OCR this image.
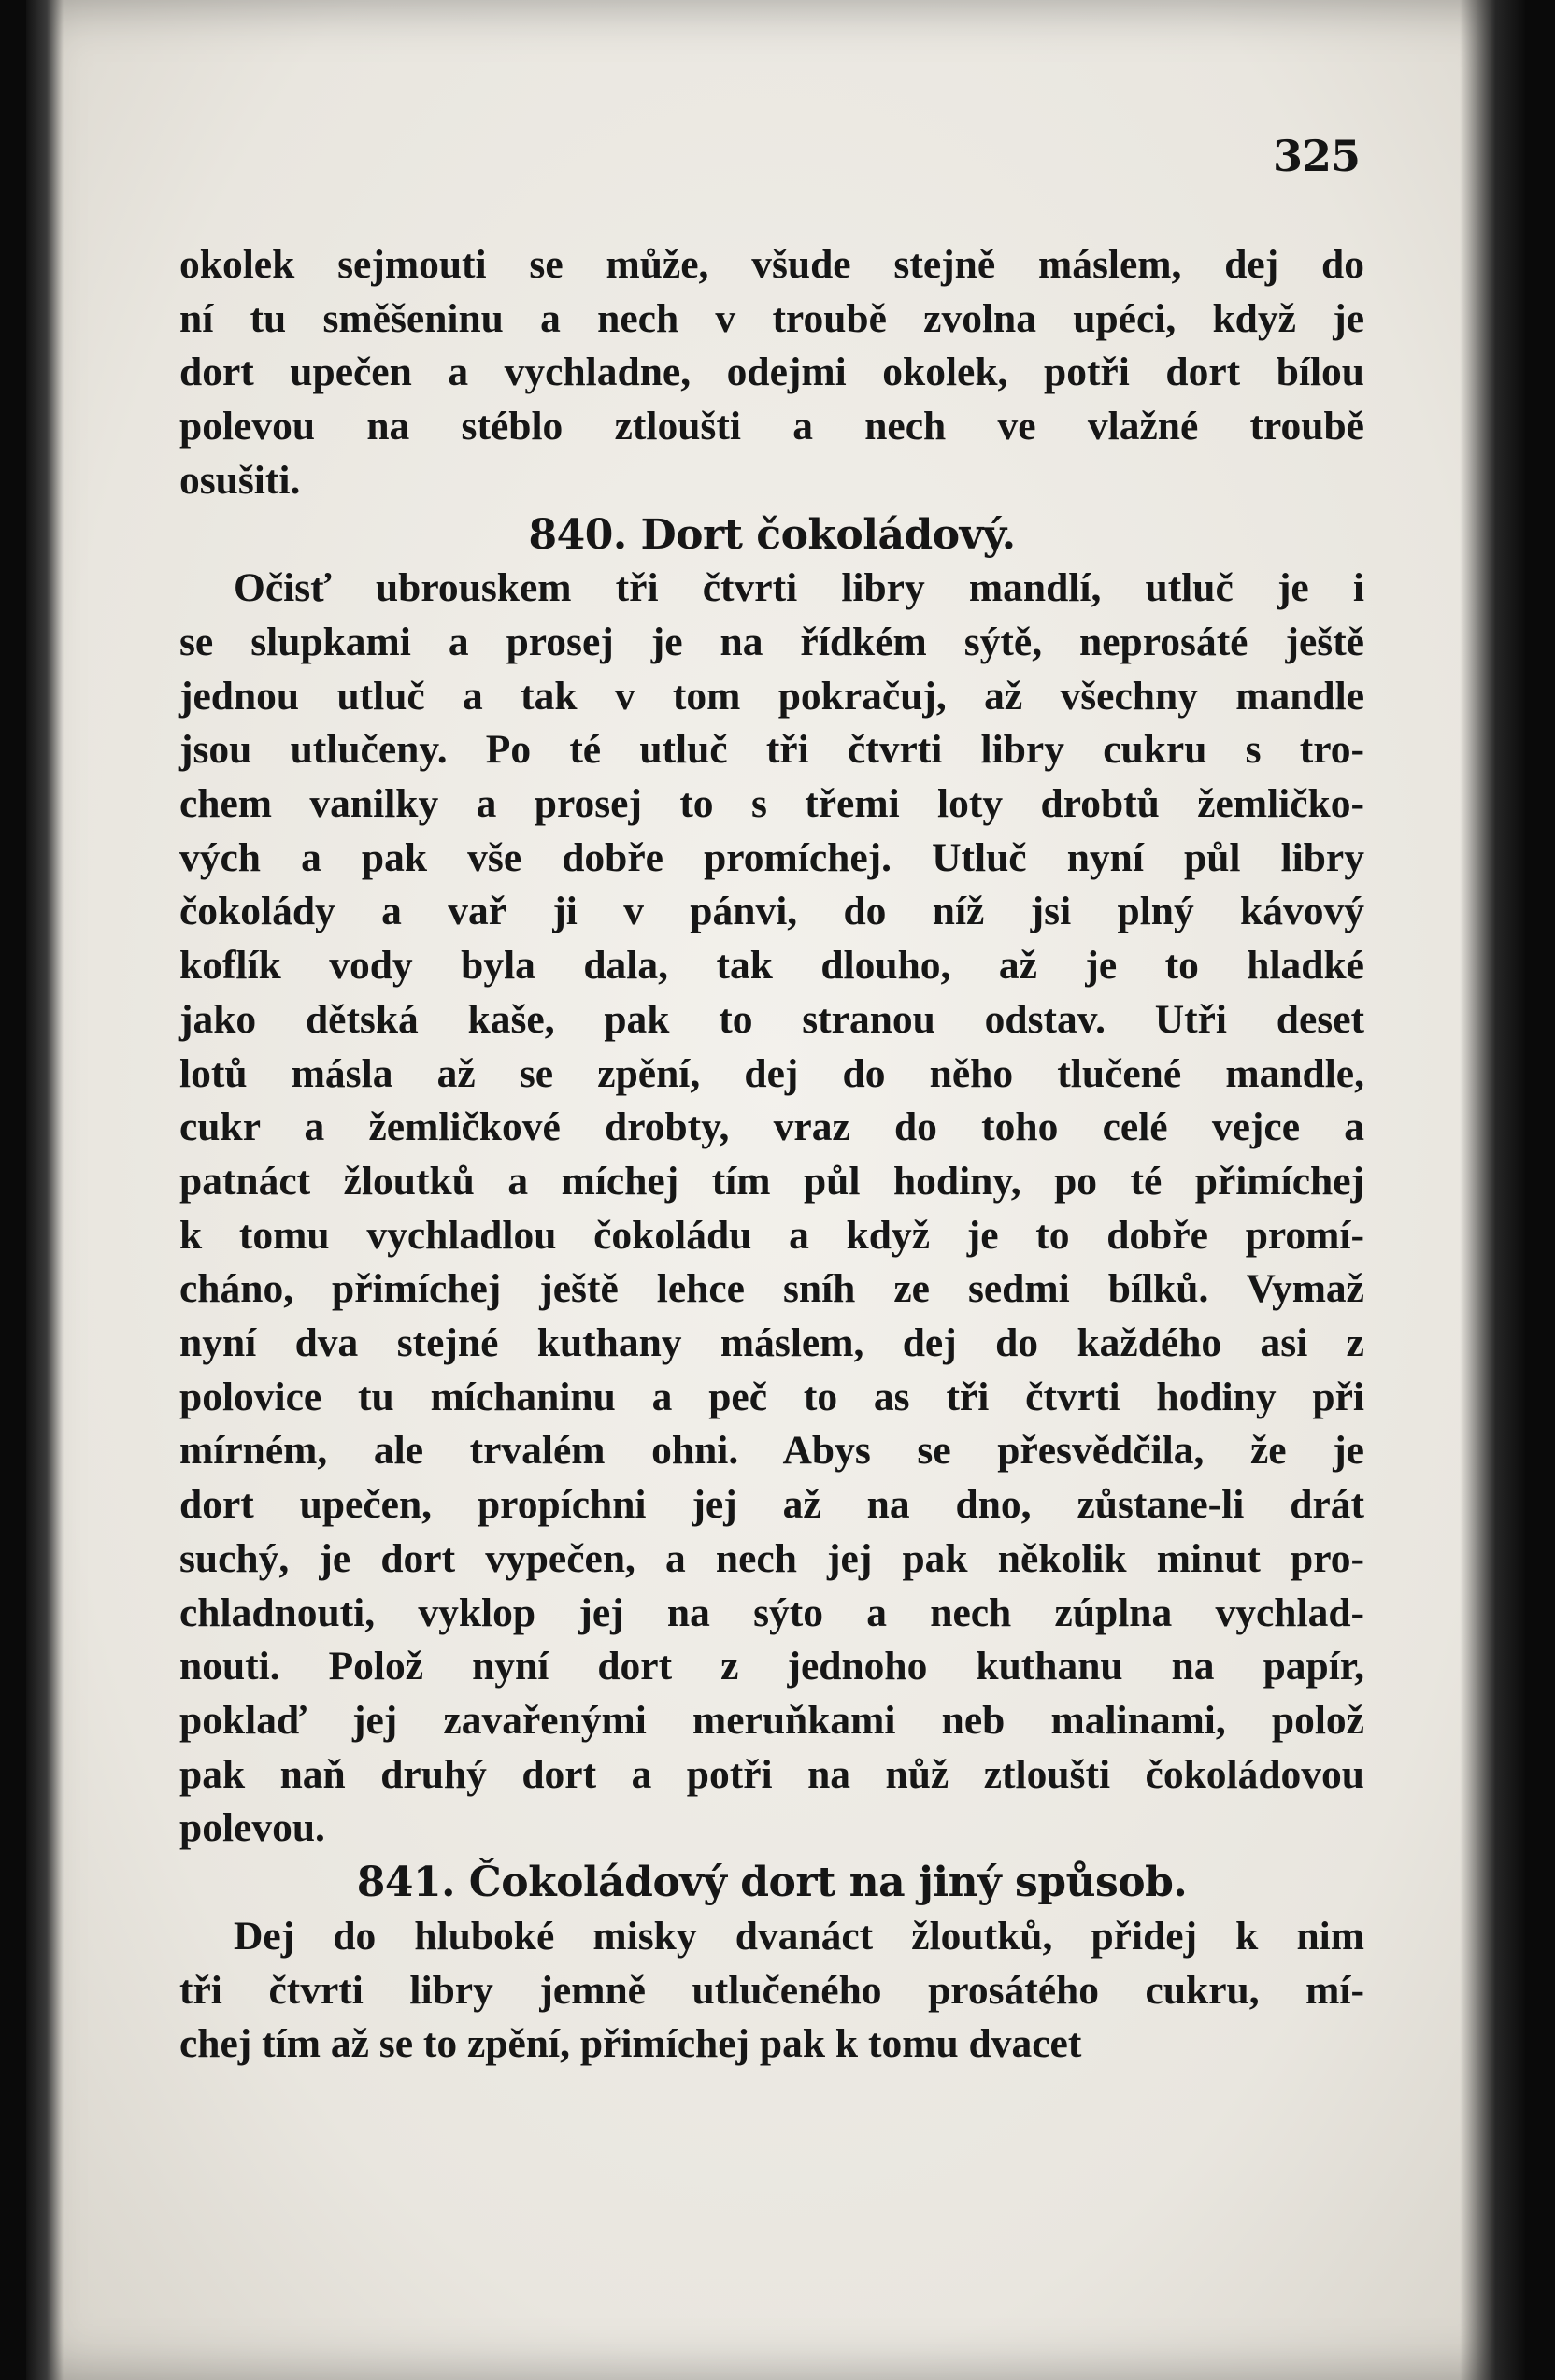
325
okolek sejmouti se může, všude stejně máslem, dej do
ní tu směšeninu a nech v troubě zvolna upéci, když je
dort upečen a vychladne, odejmi okolek, potři dort bílou
polevou na stéblo ztloušti a nech ve vlažné troubě
osušiti.
840. Dort čokoládový.
Očisť ubrouskem tři čtvrti libry mandlí, utluč je i
se slupkami a prosej je na řídkém sýtě, neprosáté ještě
jednou utluč a tak v tom pokračuj, až všechny mandle
jsou utlučeny. Po té utluč tři čtvrti libry cukru s tro-
chem vanilky a prosej to s třemi loty drobtů žemličko-
vých a pak vše dobře promíchej. Utluč nyní půl libry
čokolády a vař ji v pánvi, do níž jsi plný kávový
koflík vody byla dala, tak dlouho, až je to hladké
jako dětská kaše, pak to stranou odstav. Utři deset
lotů másla až se zpění, dej do něho tlučené mandle,
cukr a žemličkové drobty, vraz do toho celé vejce a
patnáct žloutků a míchej tím půl hodiny, po té přimíchej
k tomu vychladlou čokoládu a když je to dobře promí-
cháno, přimíchej ještě lehce sníh ze sedmi bílků. Vymaž
nyní dva stejné kuthany máslem, dej do každého asi z
polovice tu míchaninu a peč to as tři čtvrti hodiny při
mírném, ale trvalém ohni. Abys se přesvědčila, že je
dort upečen, propíchni jej až na dno, zůstane-li drát
suchý, je dort vypečen, a nech jej pak několik minut pro-
chladnouti, vyklop jej na sýto a nech zúplna vychlad-
nouti. Polož nyní dort z jednoho kuthanu na papír,
poklaď jej zavařenými meruňkami neb malinami, polož
pak naň druhý dort a potři na nůž ztloušti čokoládovou
polevou.
841. Čokoládový dort na jiný spůsob.
Dej do hluboké misky dvanáct žloutků, přidej k nim
tři čtvrti libry jemně utlučeného prosátého cukru, mí-
chej tím až se to zpění, přimíchej pak k tomu dvacet
